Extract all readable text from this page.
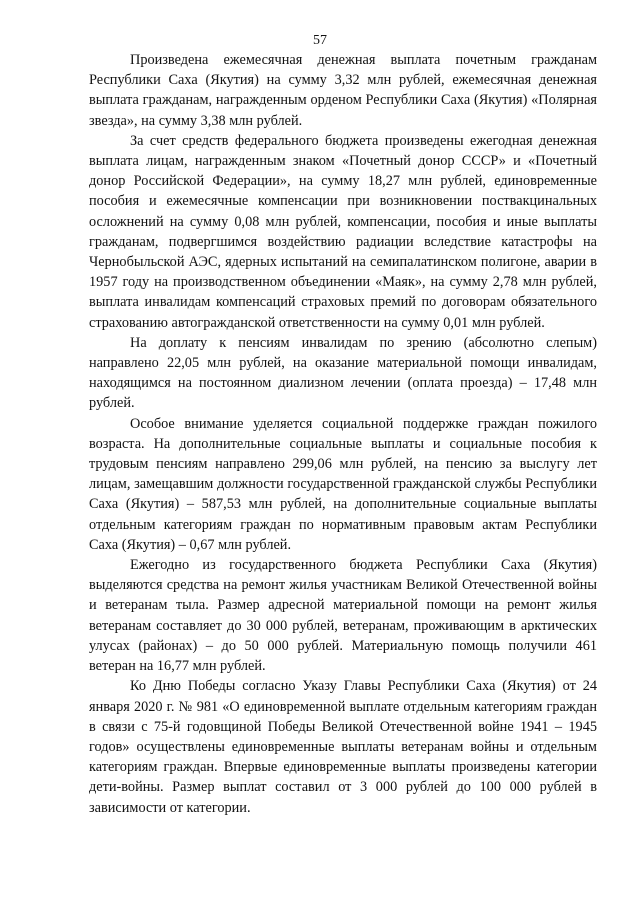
57

Произведена ежемесячная денежная выплата почетным гражданам Республики Саха (Якутия) на сумму 3,32 млн рублей, ежемесячная денежная выплата гражданам, награжденным орденом Республики Саха (Якутия) «Полярная звезда», на сумму 3,38 млн рублей.

За счет средств федерального бюджета произведены ежегодная денежная выплата лицам, награжденным знаком «Почетный донор СССР» и «Почетный донор Российской Федерации», на сумму 18,27 млн рублей, единовременные пособия и ежемесячные компенсации при возникновении поствакцинальных осложнений на сумму 0,08 млн рублей, компенсации, пособия и иные выплаты гражданам, подвергшимся воздействию радиации вследствие катастрофы на Чернобыльской АЭС, ядерных испытаний на семипалатинском полигоне, аварии в 1957 году на производственном объединении «Маяк», на сумму 2,78 млн рублей, выплата инвалидам компенсаций страховых премий по договорам обязательного страхованию автогражданской ответственности на сумму 0,01 млн рублей.

На доплату к пенсиям инвалидам по зрению (абсолютно слепым) направлено 22,05 млн рублей, на оказание материальной помощи инвалидам, находящимся на постоянном диализном лечении (оплата проезда) – 17,48 млн рублей.

Особое внимание уделяется социальной поддержке граждан пожилого возраста. На дополнительные социальные выплаты и социальные пособия к трудовым пенсиям направлено 299,06 млн рублей, на пенсию за выслугу лет лицам, замещавшим должности государственной гражданской службы Республики Саха (Якутия) – 587,53 млн рублей, на дополнительные социальные выплаты отдельным категориям граждан по нормативным правовым актам Республики Саха (Якутия) – 0,67 млн рублей.

Ежегодно из государственного бюджета Республики Саха (Якутия) выделяются средства на ремонт жилья участникам Великой Отечественной войны и ветеранам тыла. Размер адресной материальной помощи на ремонт жилья ветеранам составляет до 30 000 рублей, ветеранам, проживающим в арктических улусах (районах) – до 50 000 рублей. Материальную помощь получили 461 ветеран на 16,77 млн рублей.

Ко Дню Победы согласно Указу Главы Республики Саха (Якутия) от 24 января 2020 г. № 981 «О единовременной выплате отдельным категориям граждан в связи с 75-й годовщиной Победы Великой Отечественной войне 1941 – 1945 годов» осуществлены единовременные выплаты ветеранам войны и отдельным категориям граждан. Впервые единовременные выплаты произведены категории дети-войны. Размер выплат составил от 3 000 рублей до 100 000 рублей в зависимости от категории.
